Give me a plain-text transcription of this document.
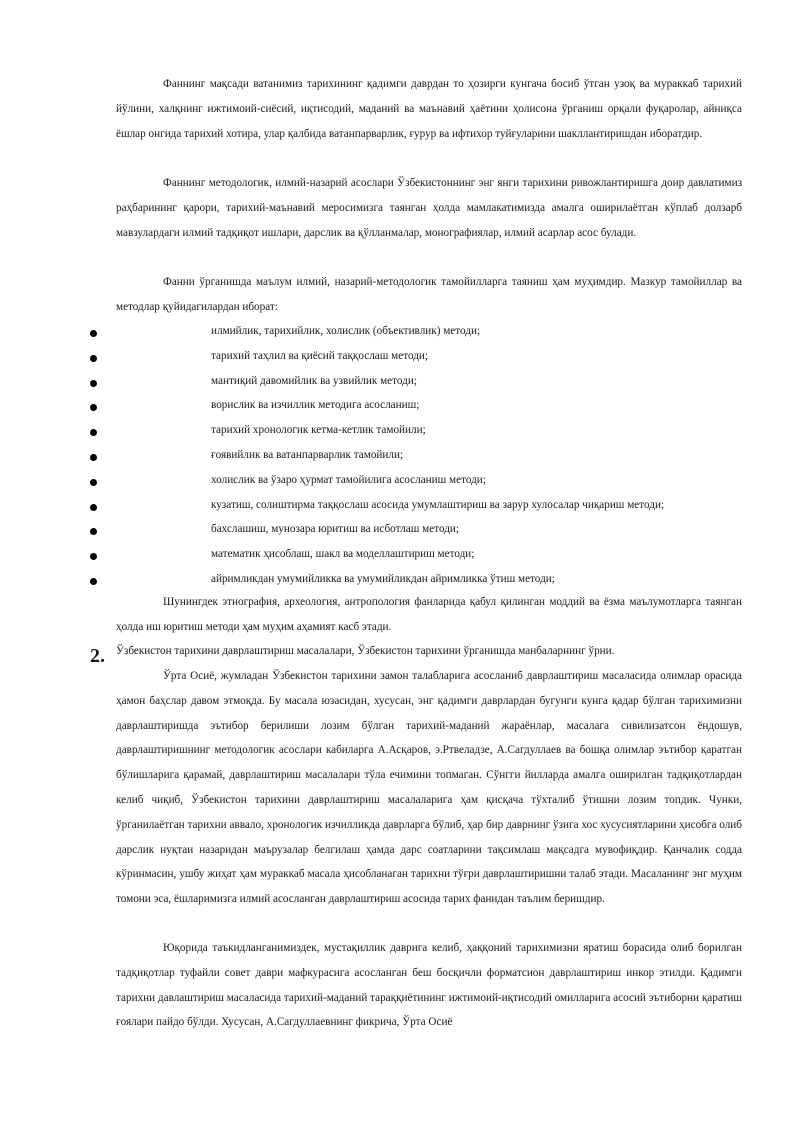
Фаннинг мақсади ватанимиз тарихининг қадимги даврдан то ҳозирги кунгача босиб ўтган узоқ ва мураккаб тарихий йўлини, халқнинг ижтимоий-сиёсий, иқтисодий, маданий ва маънавий ҳаётини ҳолисона ўрганиш орқали фуқаролар, айниқса ёшлар онгида тарихий хотира, улар қалбида ватанпарварлик, ғурур ва ифтихор туйғуларини шакллантиришдан иборатдир.

Фаннинг методологик, илмий-назарий асослари Ўзбекистоннинг энг янги тарихини ривожлантиришга доир давлатимиз раҳбарининг қарори, тарихий-маънавий меросимизга таянган ҳолда мамлакатимизда амалга оширилаётган кўплаб долзарб мавзулардаги илмий тадқиқот ишлари, дарслик ва қўлланмалар, монографиялар, илмий асарлар асос булади.

Фанни ўрганишда маълум илмий, назарий-методологик тамойилларга таяниш ҳам муҳимдир. Мазкур тамойиллар ва методлар қуйидагилардан иборат:

илмийлик, тарихийлик, холислик (объективлик) методи;
тарихий таҳлил ва қиёсий таққослаш методи;
мантиқий давомийлик ва узвийлик методи;
ворислик ва изчиллик методига асосланиш;
тарихий хронологик кетма-кетлик тамойили;
ғоявийлик ва ватанпарварлик тамойили;
холислик ва ўзаро ҳурмат тамойилига асосланиш методи;
кузатиш, солиштирма таққослаш асосида умумлаштириш ва зарур хулосалар чиқариш методи;
бахслашиш, мунозара юритиш ва исботлаш методи;
математик ҳисоблаш, шакл ва моделлаштириш методи;
айримликдан умумийликка ва умумийликдан айримликка ўтиш методи;

Шунингдек этнография, археология, антропология фанларида қабул қилинган моддий ва ёзма маълумотларга таянган ҳолда иш юритиш методи ҳам муҳим аҳамият касб этади.

2. Ўзбекистон тарихини даврлаштириш масалалари, Ўзбекистон тарихини ўрганишда манбаларнинг ўрни.

Ўрта Осиё, жумладан Ўзбекистон тарихини замон талабларига асосланиб даврлаштириш масаласида олимлар орасида ҳамон баҳслар давом этмоқда. Бу масала юзасидан, хусусан, энг қадимги даврлардан бугунги кунга қадар бўлган тарихимизни даврлаштиришда эътибор берилиши лозим бўлган тарихий-маданий жараёнлар, масалага сивилизатсон ёндошув, даврлаштиришнинг методологик асослари кабиларга А.Асқаров, э.Ртвеладзе, А.Сагдуллаев ва бошқа олимлар эътибор қаратган бўлишларига қарамай, даврлаштириш масалалари тўла ечимини топмаган. Сўнгги йилларда амалга оширилган тадқиқотлардан келиб чиқиб, Ўзбекистон тарихини даврлаштириш масалаларига ҳам қисқача тўхталиб ўтишни лозим топдик. Чунки, ўрганилаётган тарихни аввало, хронологик изчилликда даврларга бўлиб, ҳар бир даврнинг ўзига хос хусусиятларини ҳисобга олиб дарслик нуқтаи назаридан маърузалар белгилаш ҳамда дарс соатларини тақсимлаш мақсадга мувофиқдир. Қанчалик содда кўринмасин, ушбу жиҳат ҳам мураккаб масала ҳисобланаган тарихни тўғри даврлаштиришни талаб этади. Масаланинг энг муҳим томони эса, ёшларимизга илмий асосланган даврлаштириш асосида тарих фанидан таълим беришдир.

Юқорида таъкидланганимиздек, мустақиллик даврига келиб, ҳаққоний тарихимизни яратиш борасида олиб борилган тадқиқотлар туфайли совет даври мафкурасига асосланган беш босқичли форматсион даврлаштириш инкор этилди. Қадимги тарихни давлаштириш масаласида тарихий-маданий тараққиётининг ижтимоий-иқтисодий омилларига асосий эътиборни қаратиш ғоялари пайдо бўлди. Хусусан, А.Сагдуллаевнинг фикрича, Ўрта Осиё
